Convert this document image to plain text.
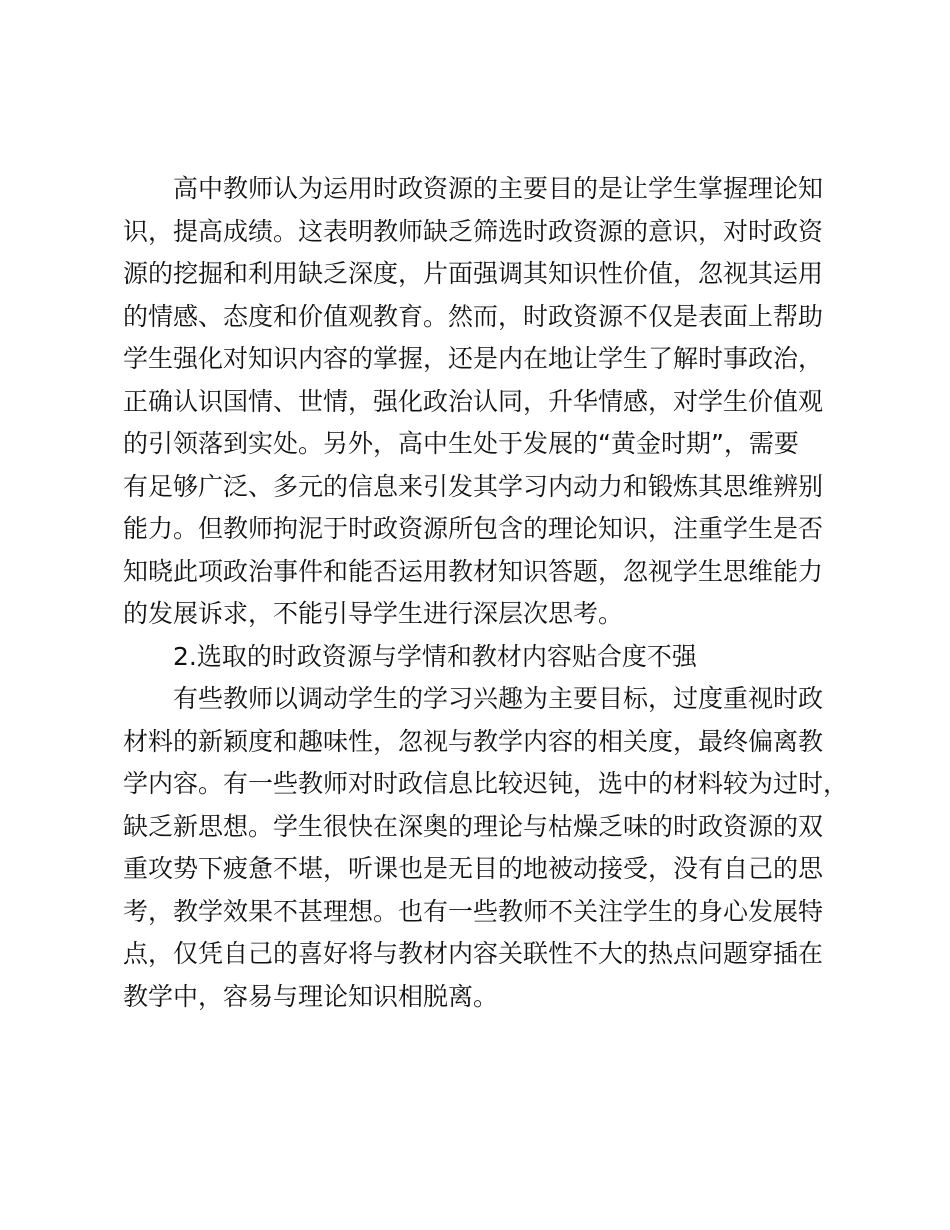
高中教师认为运用时政资源的主要目的是让学生掌握理论知
识，提高成绩。这表明教师缺乏筛选时政资源的意识，对时政资
源的挖掘和利用缺乏深度，片面强调其知识性价值，忽视其运用
的情感、态度和价值观教育。然而，时政资源不仅是表面上帮助
学生强化对知识内容的掌握，还是内在地让学生了解时事政治，
正确认识国情、世情，强化政治认同，升华情感，对学生价值观
的引领落到实处。另外，高中生处于发展的“黄金时期”，需要
有足够广泛、多元的信息来引发其学习内动力和锻炼其思维辨别
能力。但教师拘泥于时政资源所包含的理论知识，注重学生是否
知晓此项政治事件和能否运用教材知识答题，忽视学生思维能力
的发展诉求，不能引导学生进行深层次思考。
2.选取的时政资源与学情和教材内容贴合度不强
有些教师以调动学生的学习兴趣为主要目标，过度重视时政
材料的新颖度和趣味性，忽视与教学内容的相关度，最终偏离教
学内容。有一些教师对时政信息比较迟钝，选中的材料较为过时，
缺乏新思想。学生很快在深奥的理论与枯燥乏味的时政资源的双
重攻势下疲惫不堪，听课也是无目的地被动接受，没有自己的思
考，教学效果不甚理想。也有一些教师不关注学生的身心发展特
点，仅凭自己的喜好将与教材内容关联性不大的热点问题穿插在
教学中，容易与理论知识相脱离。
